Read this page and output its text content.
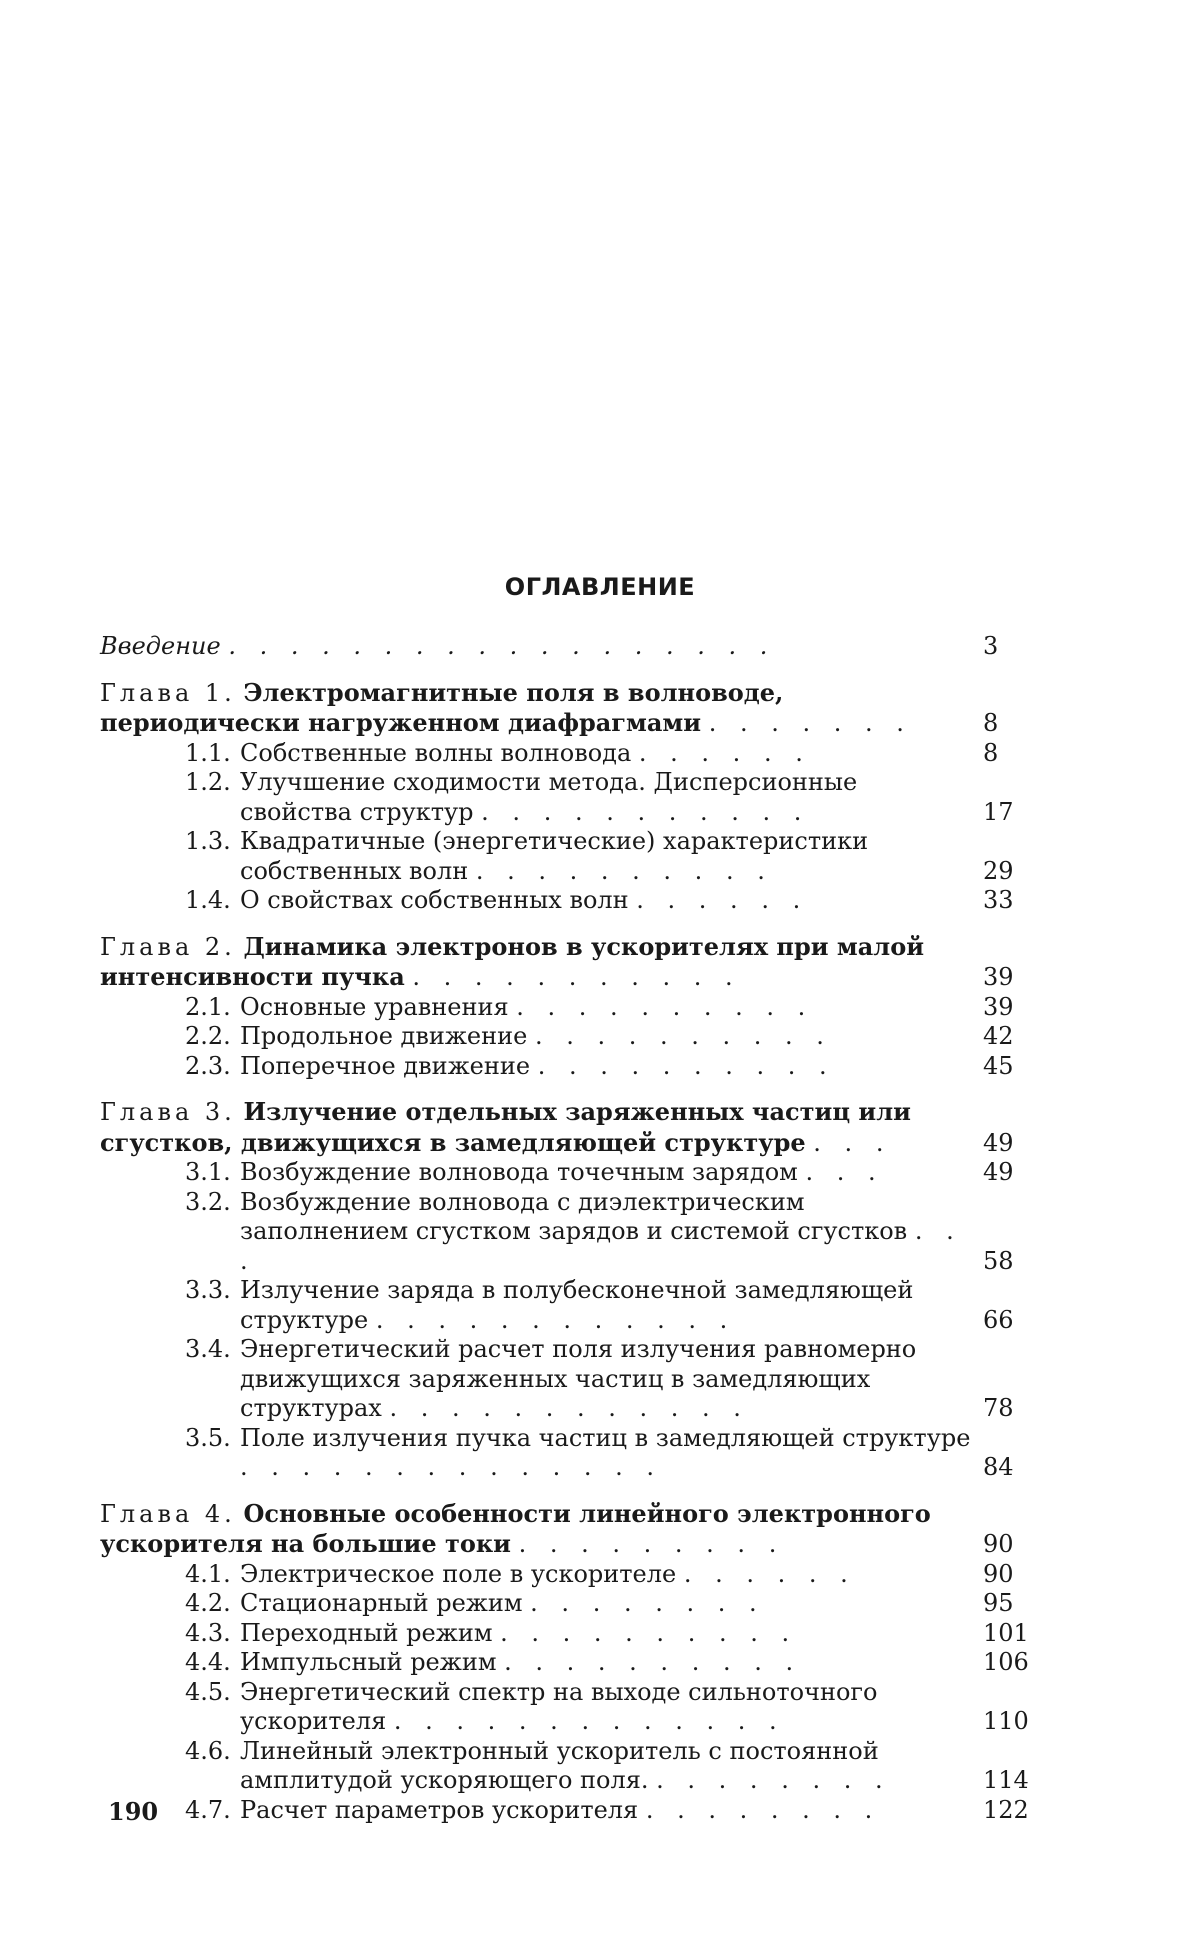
ОГЛАВЛЕНИЕ
Введение . . . . . . . . . . . . . . . . . .	3
Глава 1. Электромагнитные поля в волноводе, периодически нагруженном диафрагмами . . . . . . .	8
1.1. Собственные волны волновода . . . . . .	8
1.2. Улучшение сходимости метода. Дисперсионные свойства структур . . . . . . . . . . .	17
1.3. Квадратичные (энергетические) характеристики собственных волн . . . . . . . . . .	29
1.4. О свойствах собственных волн . . . . . .	33
Глава 2. Динамика электронов в ускорителях при малой интенсивности пучка . . . . . . . . . . .	39
2.1. Основные уравнения . . . . . . . . . .	39
2.2. Продольное движение . . . . . . . . . .	42
2.3. Поперечное движение . . . . . . . . . .	45
Глава 3. Излучение отдельных заряженных частиц или сгустков, движущихся в замедляющей структуре . . .	49
3.1. Возбуждение волновода точечным зарядом . . .	49
3.2. Возбуждение волновода с диэлектрическим заполнением сгустком зарядов и системой сгустков . . .	58
3.3. Излучение заряда в полубесконечной замедляющей структуре . . . . . . . . . . . .	66
3.4. Энергетический расчет поля излучения равномерно движущихся заряженных частиц в замедляющих структурах . . . . . . . . . . . .	78
3.5. Поле излучения пучка частиц в замедляющей структуре . . . . . . . . . . . . . .	84
Глава 4. Основные особенности линейного электронного ускорителя на большие токи . . . . . . . . .	90
4.1. Электрическое поле в ускорителе . . . . . .	90
4.2. Стационарный режим . . . . . . . .	95
4.3. Переходный режим . . . . . . . . . .	101
4.4. Импульсный режим . . . . . . . . . .	106
4.5. Энергетический спектр на выходе сильноточного ускорителя . . . . . . . . . . . . .	110
4.6. Линейный электронный ускоритель с постоянной амплитудой ускоряющего поля. . . . . . . . .	114
4.7. Расчет параметров ускорителя . . . . . . . .	122
190
